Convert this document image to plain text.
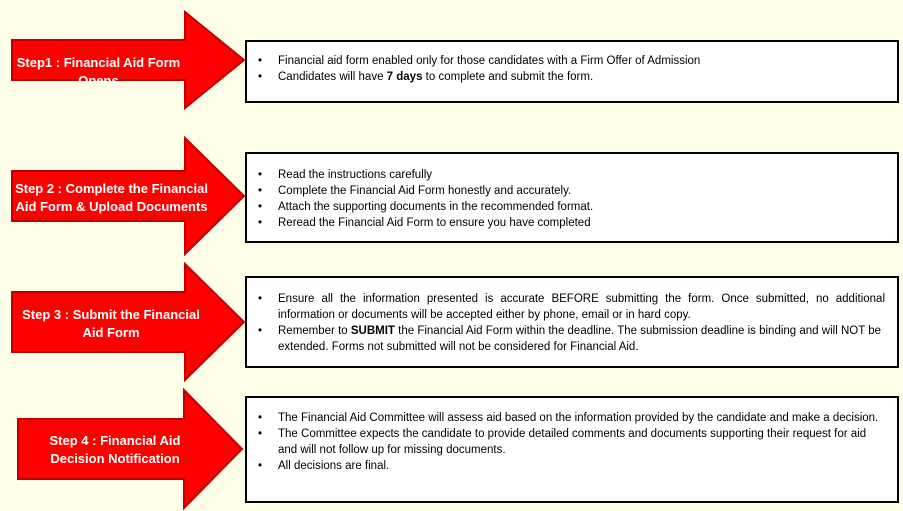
Step1 : Financial Aid Form
Opens
• Financial aid form enabled only for those candidates with a Firm Offer of Admission
• Candidates will have 7 days to complete and submit the form.
Step 2 : Complete the Financial
Aid Form & Upload Documents
• Read the instructions carefully
• Complete the Financial Aid Form honestly and accurately.
• Attach the supporting documents in the recommended format.
• Reread the Financial Aid Form to ensure you have completed
Step 3 : Submit the Financial
Aid Form
• Ensure all the information presented is accurate BEFORE submitting the form. Once submitted, no additional information or documents will be accepted either by phone, email or in hard copy.
• Remember to SUBMIT the Financial Aid Form within the deadline. The submission deadline is binding and will NOT be extended. Forms not submitted will not be considered for Financial Aid.
Step 4 : Financial Aid
Decision Notification
• The Financial Aid Committee will assess aid based on the information provided by the candidate and make a decision.
• The Committee expects the candidate to provide detailed comments and documents supporting their request for aid and will not follow up for missing documents.
• All decisions are final.
